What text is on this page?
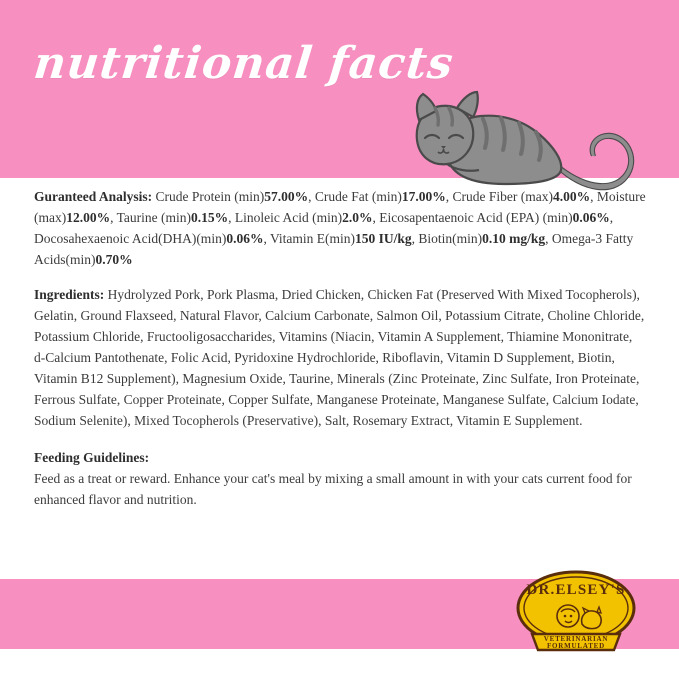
nutritional facts
Guranteed Analysis: Crude Protein (min)57.00%, Crude Fat (min)17.00%, Crude Fiber (max)4.00%, Moisture (max)12.00%, Taurine (min)0.15%, Linoleic Acid (min)2.0%, Eicosapentaenoic Acid (EPA) (min)0.06%, Docosahexaenoic Acid(DHA)(min)0.06%, Vitamin E(min)150 IU/kg, Biotin(min)0.10 mg/kg, Omega-3 Fatty Acids(min)0.70%
Ingredients: Hydrolyzed Pork, Pork Plasma, Dried Chicken, Chicken Fat (Preserved With Mixed Tocopherols), Gelatin, Ground Flaxseed, Natural Flavor, Calcium Carbonate, Salmon Oil, Potassium Citrate, Choline Chloride, Potassium Chloride, Fructooligosaccharides, Vitamins (Niacin, Vitamin A Supplement, Thiamine Mononitrate, d-Calcium Pantothenate, Folic Acid, Pyridoxine Hydrochloride, Riboflavin, Vitamin D Supplement, Biotin, Vitamin B12 Supplement), Magnesium Oxide, Taurine, Minerals (Zinc Proteinate, Zinc Sulfate, Iron Proteinate, Ferrous Sulfate, Copper Proteinate, Copper Sulfate, Manganese Proteinate, Manganese Sulfate, Calcium Iodate, Sodium Selenite), Mixed Tocopherols (Preservative), Salt, Rosemary Extract, Vitamin E Supplement.
Feeding Guidelines:
Feed as a treat or reward. Enhance your cat's meal by mixing a small amount in with your cats current food for enhanced flavor and nutrition.
DR.ELSEY'S
VETERINARIAN
FORMULATED
